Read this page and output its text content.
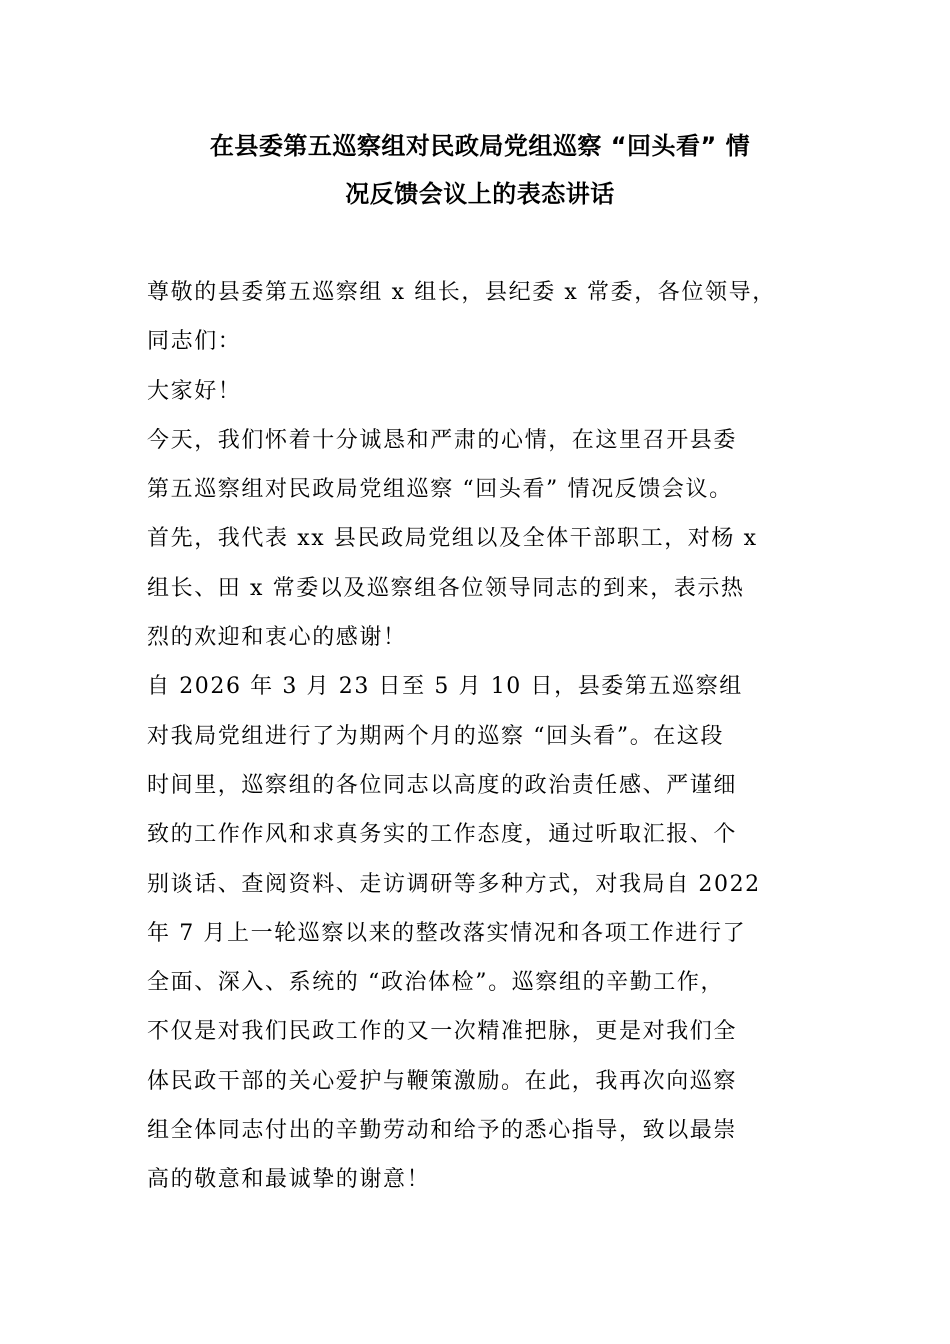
在县委第五巡察组对民政局党组巡察 “回头看” 情
况反馈会议上的表态讲话
尊敬的县委第五巡察组 x 组长，县纪委 x 常委，各位领导，
同志们：
大家好！
今天，我们怀着十分诚恳和严肃的心情，在这里召开县委
第五巡察组对民政局党组巡察 “回头看” 情况反馈会议。
首先，我代表 xx 县民政局党组以及全体干部职工，对杨 x
组长、田 x 常委以及巡察组各位领导同志的到来，表示热
烈的欢迎和衷心的感谢！
自 2026 年 3 月 23 日至 5 月 10 日，县委第五巡察组
对我局党组进行了为期两个月的巡察 “回头看”。在这段
时间里，巡察组的各位同志以高度的政治责任感、严谨细
致的工作作风和求真务实的工作态度，通过听取汇报、个
别谈话、查阅资料、走访调研等多种方式，对我局自 2022
年 7 月上一轮巡察以来的整改落实情况和各项工作进行了
全面、深入、系统的 “政治体检”。巡察组的辛勤工作，
不仅是对我们民政工作的又一次精准把脉，更是对我们全
体民政干部的关心爱护与鞭策激励。在此，我再次向巡察
组全体同志付出的辛勤劳动和给予的悉心指导，致以最崇
高的敬意和最诚挚的谢意！
